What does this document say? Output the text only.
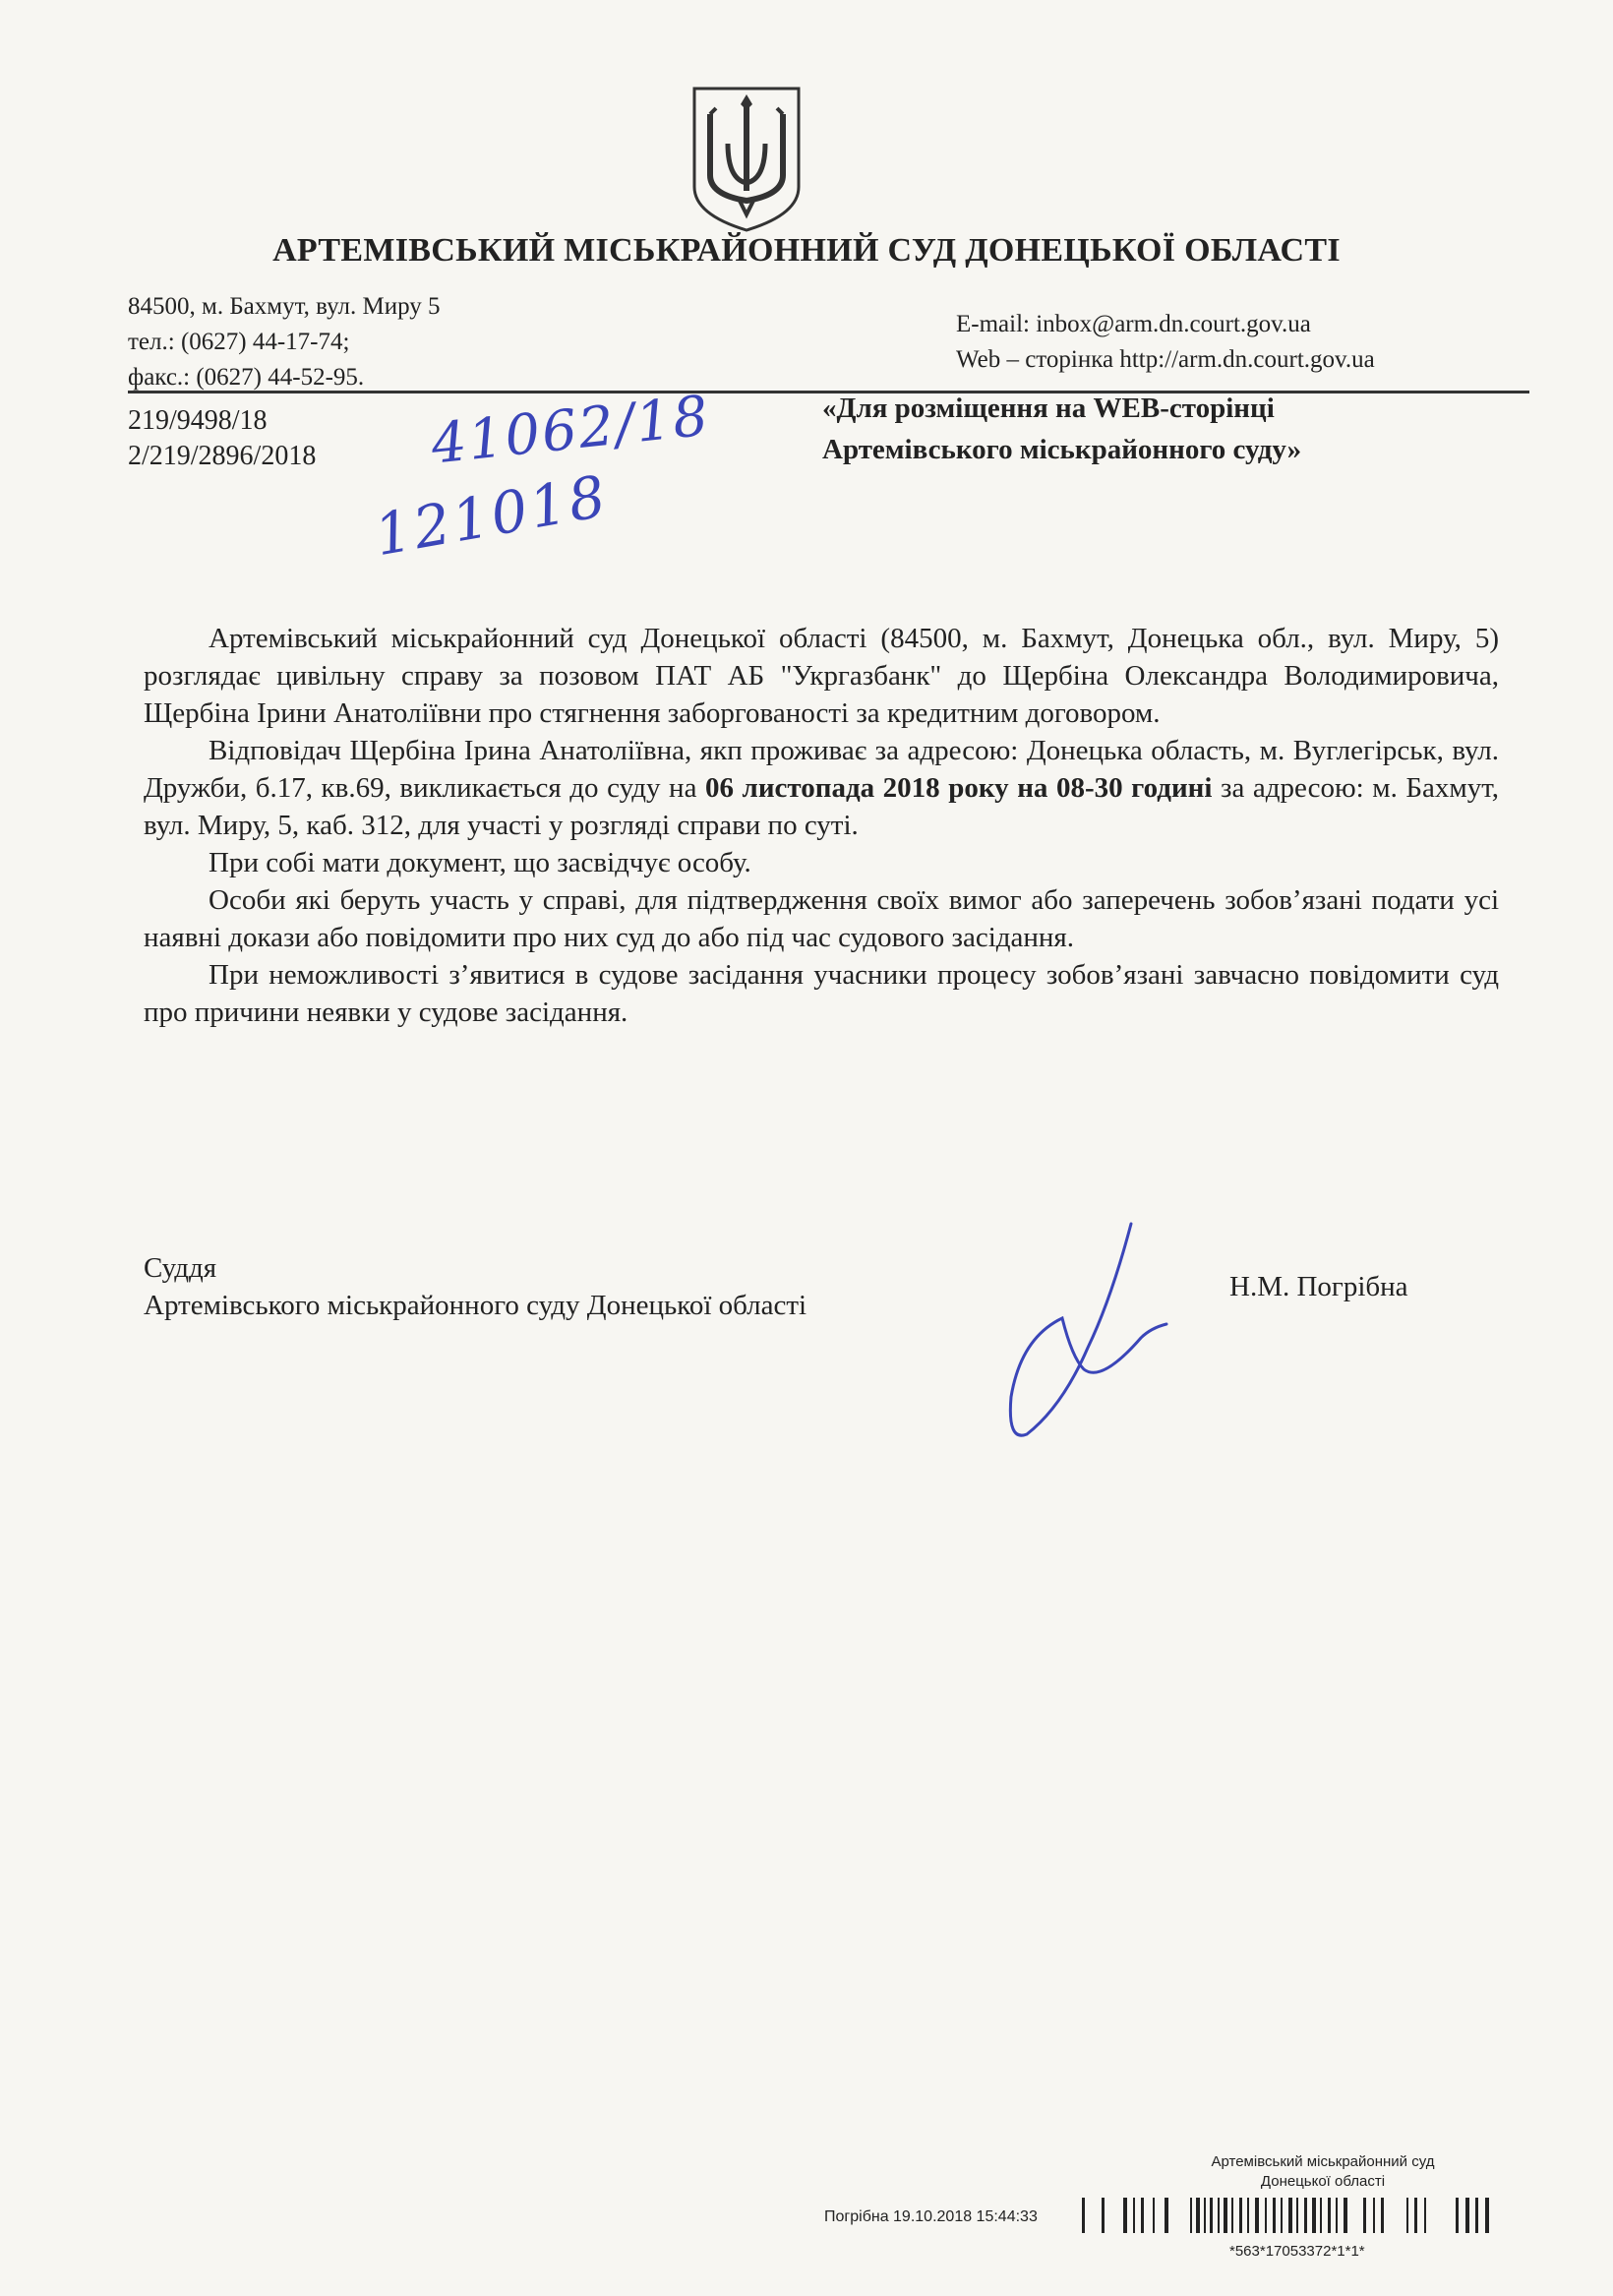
АРТЕМІВСЬКИЙ МІСЬКРАЙОННИЙ СУД ДОНЕЦЬКОЇ ОБЛАСТІ
84500, м. Бахмут, вул. Миру 5
тел.: (0627) 44-17-74;
факс.: (0627) 44-52-95.
E-mail: inbox@arm.dn.court.gov.ua
Web – сторінка http://arm.dn.court.gov.ua
219/9498/18
2/219/2896/2018 41062/18
121018
«Для розміщення на WEB-сторінці
Артемівського міськрайонного суду»

Артемівський міськрайонний суд Донецької області (84500, м. Бахмут, Донецька обл., вул. Миру, 5) розглядає цивільну справу за позовом ПАТ АБ "Укргазбанк" до Щербіна Олександра Володимировича, Щербіна Ірини Анатоліївни про стягнення заборгованості за кредитним договором.

Відповідач Щербіна Ірина Анатоліївна, якп проживає за адресою: Донецька область, м. Вуглегірськ, вул. Дружби, б.17, кв.69, викликається до суду на 06 листопада 2018 року на 08-30 годині за адресою: м. Бахмут, вул. Миру, 5, каб. 312, для участі у розгляді справи по суті.

При собі мати документ, що засвідчує особу.

Особи які беруть участь у справі, для підтвердження своїх вимог або заперечень зобов’язані подати усі наявні докази або повідомити про них суд до або під час судового засідання.

При неможливості з’явитися в судове засідання учасники процесу зобов’язані завчасно повідомити суд про причини неявки у судове засідання.

Суддя
Артемівського міськрайонного суду Донецької області
Н.М. Погрібна
Артемівський міськрайонний суд
Донецької області
Погрібна 19.10.2018 15:44:33
*563*17053372*1*1*
